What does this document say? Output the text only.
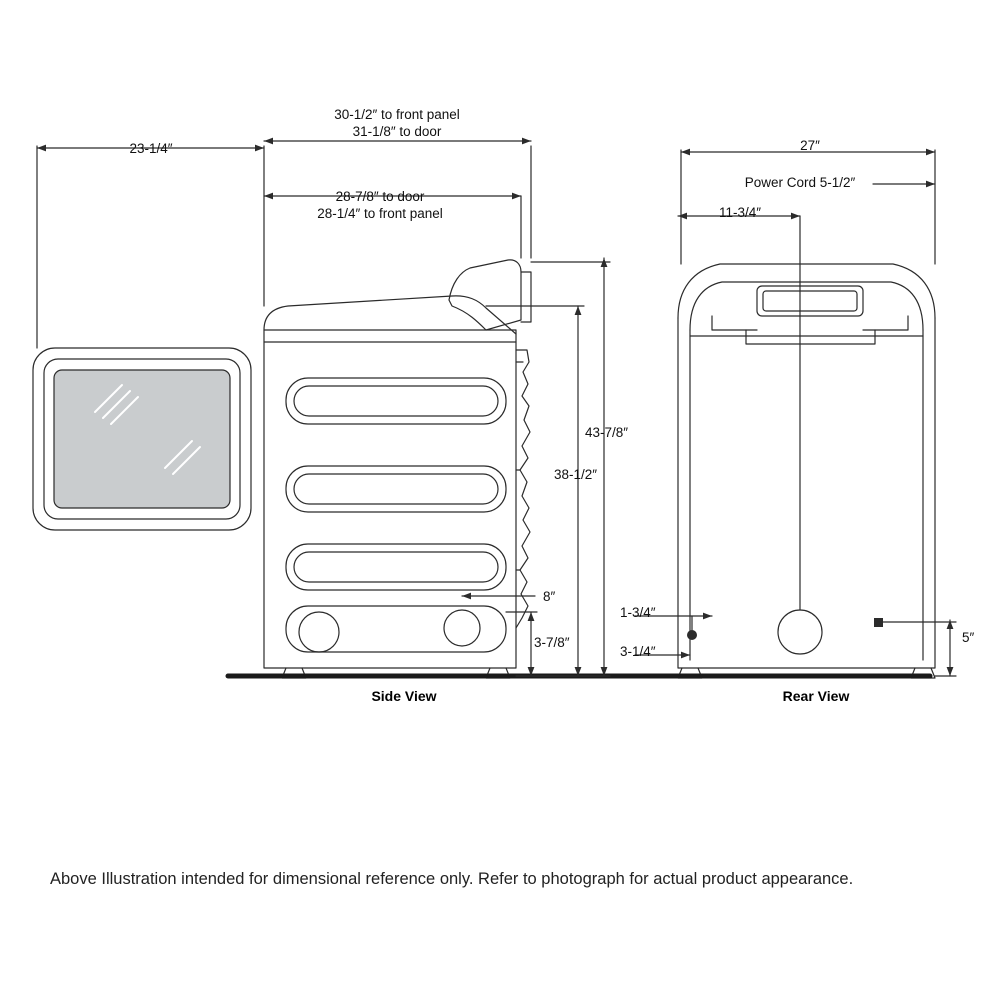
30-1/2″ to front panel
31-1/8″ to door
23-1/4″
28-7/8″ to door
28-1/4″ to front panel
43-7/8″
38-1/2″
8″
3-7/8″
27″
Power Cord 5-1/2″
11-3/4″
1-3/4″
3-1/4″
5″
Side View	Rear View
Above Illustration intended for dimensional reference only. Refer to photograph for actual product appearance.
